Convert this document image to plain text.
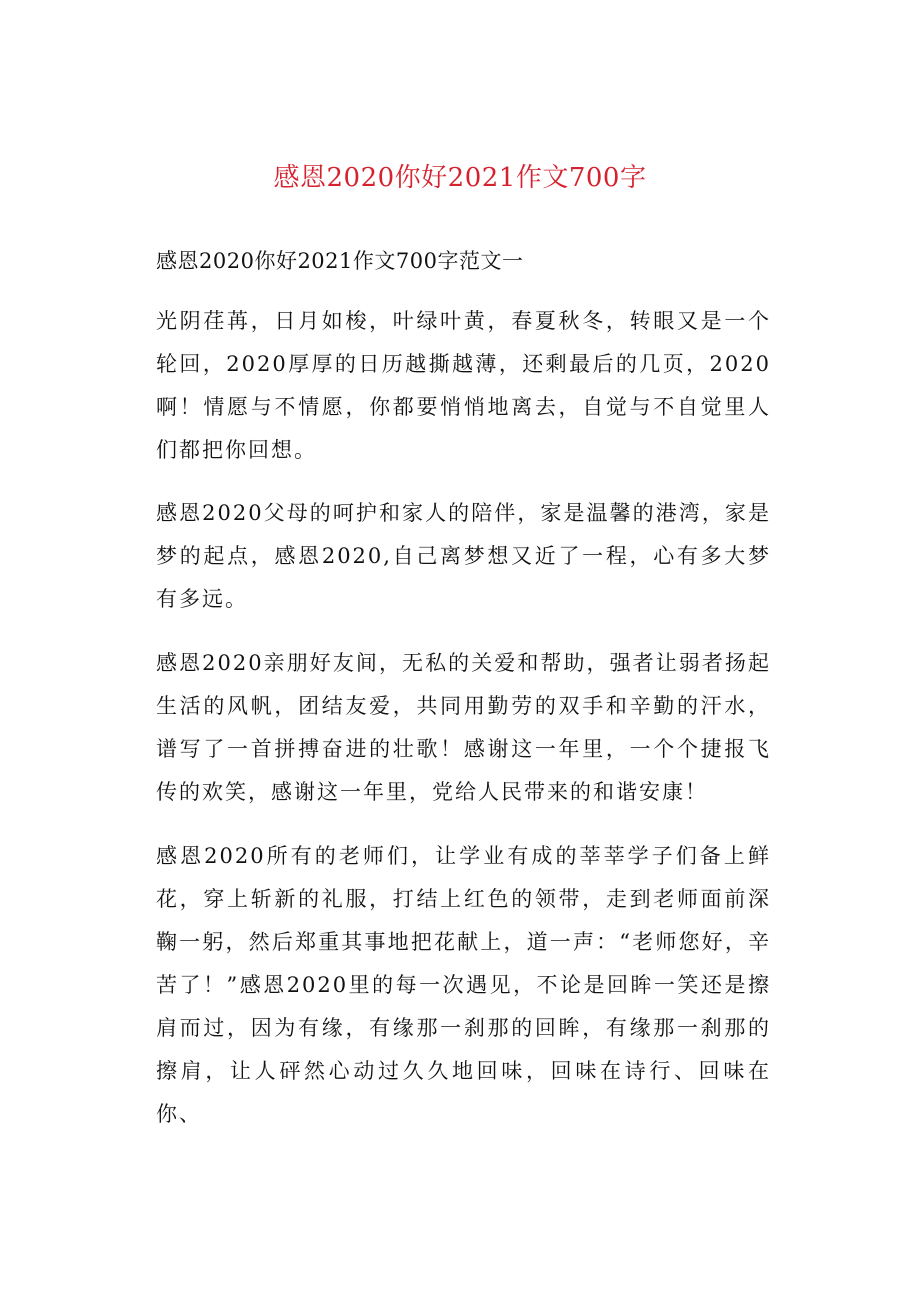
感恩2020你好2021作文700字
感恩2020你好2021作文700字范文一

光阴荏苒，日月如梭，叶绿叶黄，春夏秋冬，转眼又是一个轮回，2020厚厚的日历越撕越薄，还剩最后的几页，2020啊！情愿与不情愿，你都要悄悄地离去，自觉与不自觉里人们都把你回想。

感恩2020父母的呵护和家人的陪伴，家是温馨的港湾，家是梦的起点，感恩2020,自己离梦想又近了一程，心有多大梦有多远。

感恩2020亲朋好友间，无私的关爱和帮助，强者让弱者扬起生活的风帆，团结友爱，共同用勤劳的双手和辛勤的汗水，谱写了一首拼搏奋进的壮歌！感谢这一年里，一个个捷报飞传的欢笑，感谢这一年里，党给人民带来的和谐安康！

感恩2020所有的老师们，让学业有成的莘莘学子们备上鲜花，穿上斩新的礼服，打结上红色的领带，走到老师面前深鞠一躬，然后郑重其事地把花献上，道一声：“老师您好，辛苦了！”感恩2020里的每一次遇见，不论是回眸一笑还是擦肩而过，因为有缘，有缘那一刹那的回眸，有缘那一刹那的擦肩，让人砰然心动过久久地回味，回味在诗行、回味在你、
